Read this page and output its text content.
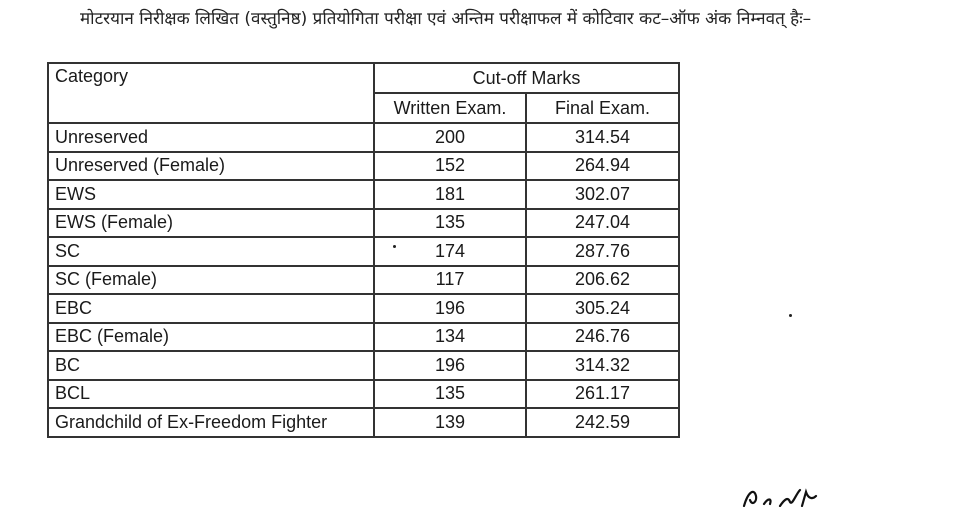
मोटरयान निरीक्षक लिखित (वस्तुनिष्ठ) प्रतियोगिता परीक्षा एवं अन्तिम परीक्षाफल में कोटिवार कट–ऑफ अंक निम्नवत् हैः–

Category	Cut-off Marks	
	Written Exam.	Final Exam.
Unreserved	200	314.54
Unreserved (Female)	152	264.94
EWS	181	302.07
EWS (Female)	135	247.04
SC	174	287.76
SC (Female)	117	206.62
EBC	196	305.24
EBC (Female)	134	246.76
BC	196	314.32
BCL	135	261.17
Grandchild of Ex-Freedom Fighter	139	242.59
